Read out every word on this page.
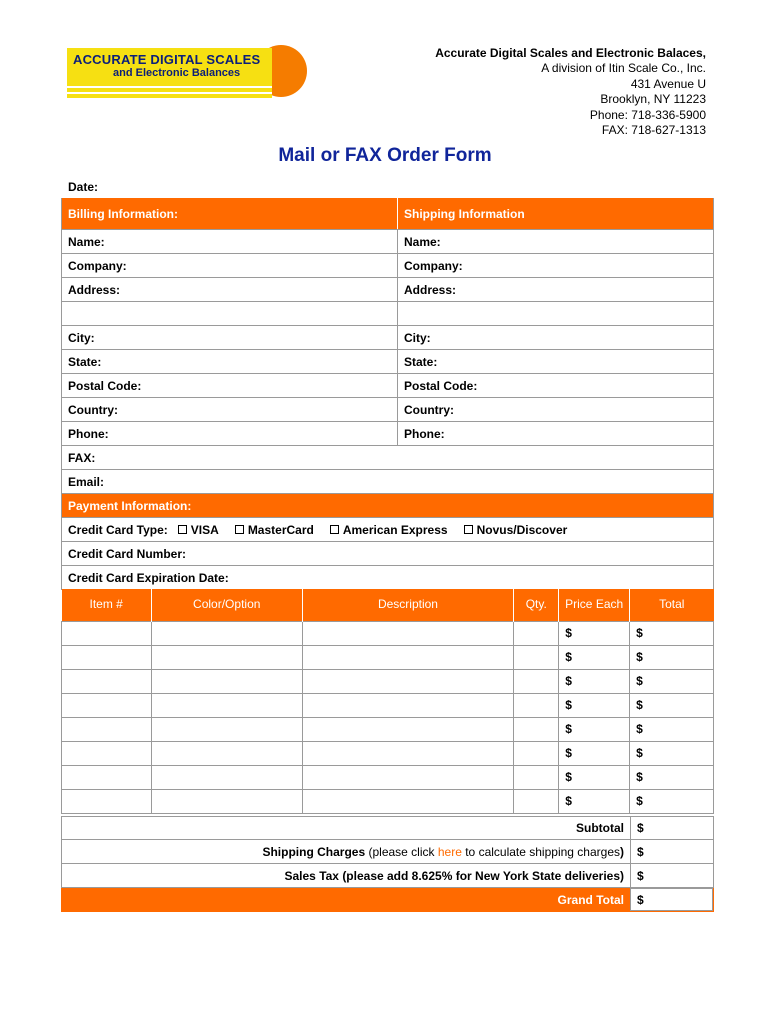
ACCURATE DIGITAL SCALES
and Electronic Balances
Accurate Digital Scales and Electronic Balaces,
A division of Itin Scale Co., Inc.
431 Avenue U
Brooklyn, NY 11223
Phone: 718-336-5900
FAX: 718-627-1313
Mail or FAX Order Form
Date:
Billing Information:	Shipping Information
Name:	Name:
Company:	Company:
Address:	Address:
City:	City:
State:	State:
Postal Code:	Postal Code:
Country:	Country:
Phone:	Phone:
FAX:
Email:
Payment Information:
Credit Card Type:	VISA	MasterCard	American Express	Novus/Discover
Credit Card Number:
Credit Card Expiration Date:
Item #	Color/Option	Description	Qty.	Price Each	Total
				$	$
				$	$
				$	$
				$	$
				$	$
				$	$
				$	$
				$	$
Subtotal	$
Shipping Charges (please click here to calculate shipping charges )	$
Sales Tax (please add 8.625% for New York State deliveries)	$
Grand Total	$
